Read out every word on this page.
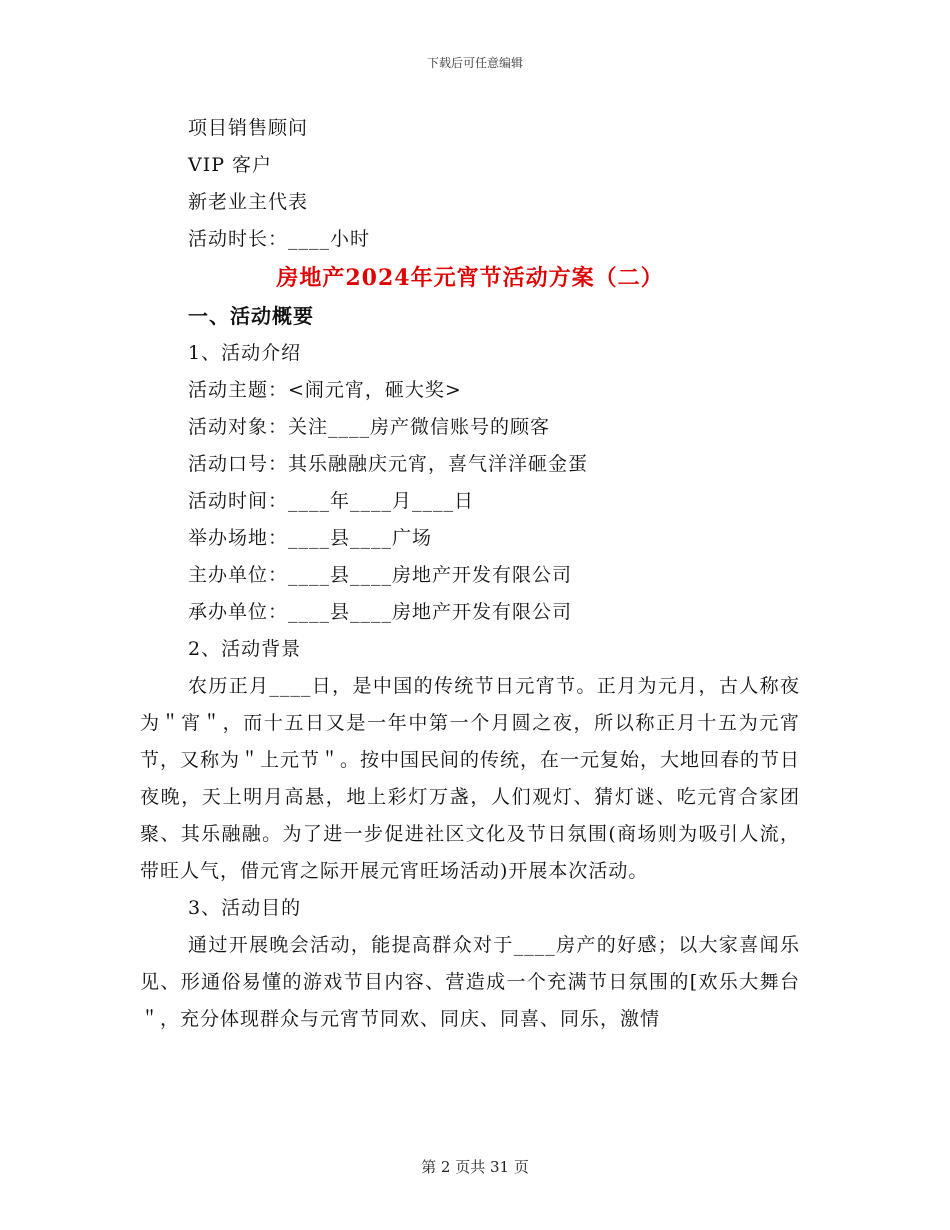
下载后可任意编辑
项目销售顾问
VIP 客户
新老业主代表
活动时长：____小时
房地产2024年元宵节活动方案（二）
一、活动概要
1、活动介绍
活动主题：<闹元宵，砸大奖>
活动对象：关注____房产微信账号的顾客
活动口号：其乐融融庆元宵，喜气洋洋砸金蛋
活动时间：____年____月____日
举办场地：____县____广场
主办单位：____县____房地产开发有限公司
承办单位：____县____房地产开发有限公司
2、活动背景

农历正月____日，是中国的传统节日元宵节。正月为元月，古人称夜为＂宵＂，而十五日又是一年中第一个月圆之夜，所以称正月十五为元宵节，又称为＂上元节＂。按中国民间的传统，在一元复始，大地回春的节日夜晚，天上明月高悬，地上彩灯万盏，人们观灯、猜灯谜、吃元宵合家团聚、其乐融融。为了进一步促进社区文化及节日氛围(商场则为吸引人流，带旺人气，借元宵之际开展元宵旺场活动)开展本次活动。

3、活动目的

通过开展晚会活动，能提高群众对于____房产的好感；以大家喜闻乐见、形通俗易懂的游戏节目内容、营造成一个充满节日氛围的[欢乐大舞台＂，充分体现群众与元宵节同欢、同庆、同喜、同乐，激情

第 2 页共 31 页
